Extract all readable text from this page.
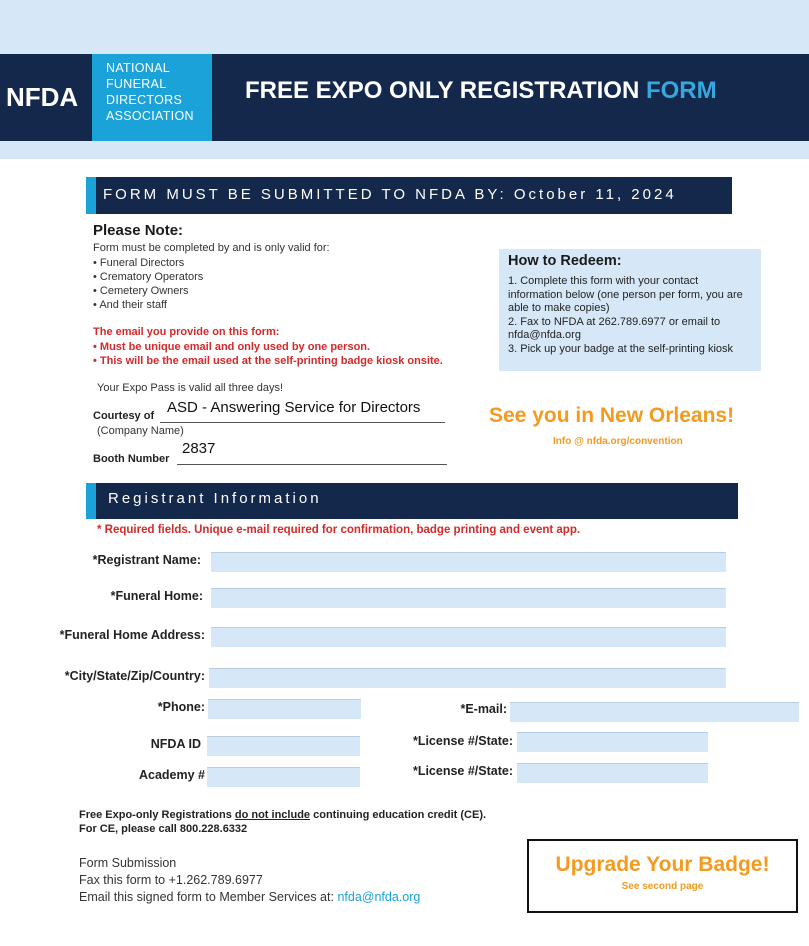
NFDA
NATIONAL
FUNERAL
DIRECTORS
ASSOCIATION
FREE EXPO ONLY REGISTRATION FORM
FORM MUST BE SUBMITTED TO NFDA BY: October 11, 2024
Please Note:
Form must be completed by and is only valid for:
• Funeral Directors
• Crematory Operators
• Cemetery Owners
• And their staff
The email you provide on this form:
• Must be unique email and only used by one person.
• This will be the email used at the self-printing badge kiosk onsite.
Your Expo Pass is valid all three days!
Courtesy of ASD - Answering Service for Directors
(Company Name)
Booth Number
2837
How to Redeem:
1. Complete this form with your contact information below (one person per form, you are able to make copies)
2. Fax to NFDA at 262.789.6977 or email to nfda@nfda.org
3. Pick up your badge at the self-printing kiosk
See you in New Orleans!
Info @ nfda.org/convention
Registrant Information
* Required fields. Unique e-mail required for confirmation, badge printing and event app.
*Registrant Name:
*Funeral Home:
*Funeral Home Address:
*City/State/Zip/Country:
*Phone:	*E-mail:
NFDA ID	*License #/State:
Academy #	*License #/State:
Free Expo-only Registrations do not include continuing education credit (CE).
For CE, please call 800.228.6332
Form Submission
Fax this form to +1.262.789.6977
Email this signed form to Member Services at: nfda@nfda.org
Upgrade Your Badge!
See second page
